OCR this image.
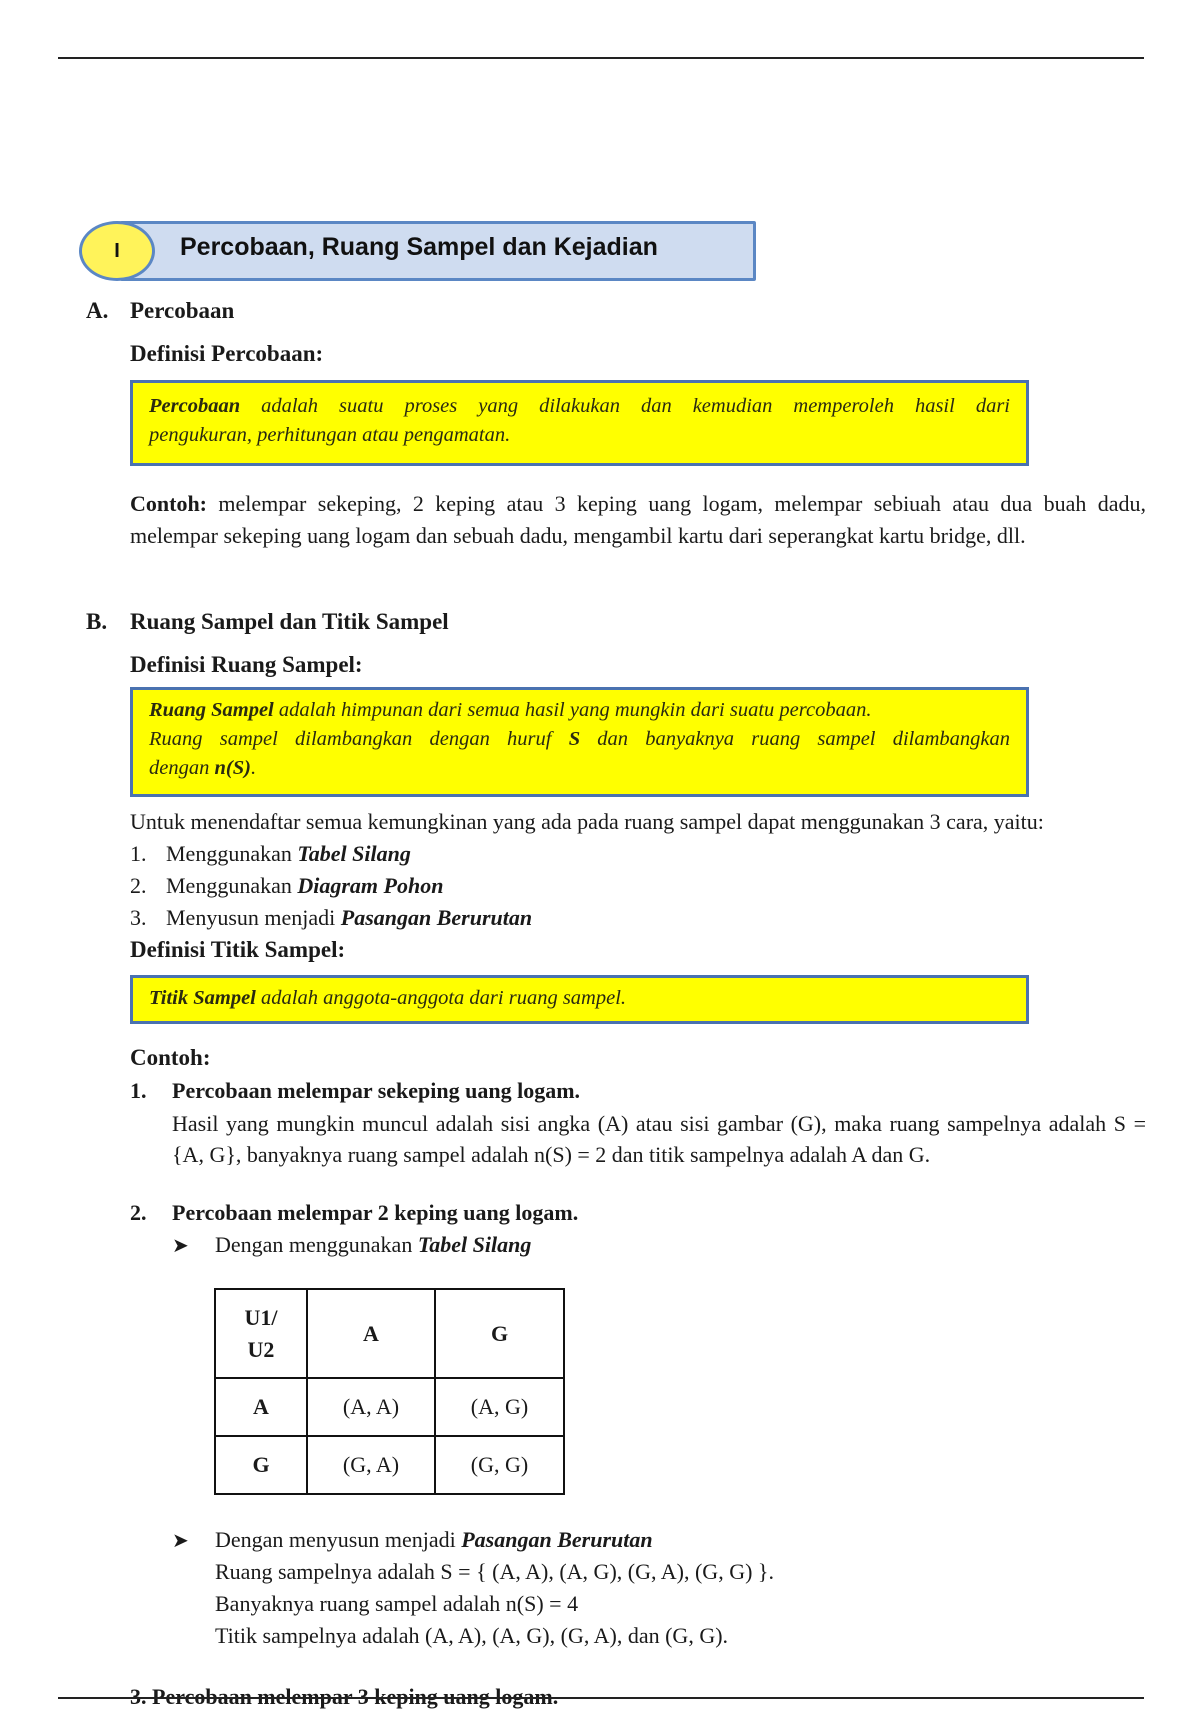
Percobaan, Ruang Sampel dan Kejadian
I
A. Percobaan
Definisi Percobaan:
Percobaan adalah suatu proses yang dilakukan dan kemudian memperoleh hasil dari
pengukuran, perhitungan atau pengamatan.
Contoh: melempar sekeping, 2 keping atau 3 keping uang logam, melempar sebiuah atau dua buah dadu, melempar sekeping uang logam dan sebuah dadu, mengambil kartu dari seperangkat kartu bridge, dll.
B. Ruang Sampel dan Titik Sampel
Definisi Ruang Sampel:
Ruang Sampel adalah himpunan dari semua hasil yang mungkin dari suatu percobaan.
Ruang sampel dilambangkan dengan huruf S dan banyaknya ruang sampel dilambangkan
dengan n(S).
Untuk menendaftar semua kemungkinan yang ada pada ruang sampel dapat menggunakan 3 cara, yaitu:
1. Menggunakan Tabel Silang
2. Menggunakan Diagram Pohon
3. Menyusun menjadi Pasangan Berurutan
Definisi Titik Sampel:
Titik Sampel adalah anggota-anggota dari ruang sampel.
Contoh:
1. Percobaan melempar sekeping uang logam.
Hasil yang mungkin muncul adalah sisi angka (A) atau sisi gambar (G), maka ruang sampelnya adalah S = {A, G}, banyaknya ruang sampel adalah n(S) = 2 dan titik sampelnya adalah A dan G.
2. Percobaan melempar 2 keping uang logam.
➤ Dengan menggunakan Tabel Silang
U1/
U2	A	G
A	(A, A)	(A, G)
G	(G, A)	(G, G)
➤ Dengan menyusun menjadi Pasangan Berurutan
Ruang sampelnya adalah S = { (A, A), (A, G), (G, A), (G, G) }.
Banyaknya ruang sampel adalah n(S) = 4
Titik sampelnya adalah (A, A), (A, G), (G, A), dan (G, G).
3. Percobaan melempar 3 keping uang logam.
